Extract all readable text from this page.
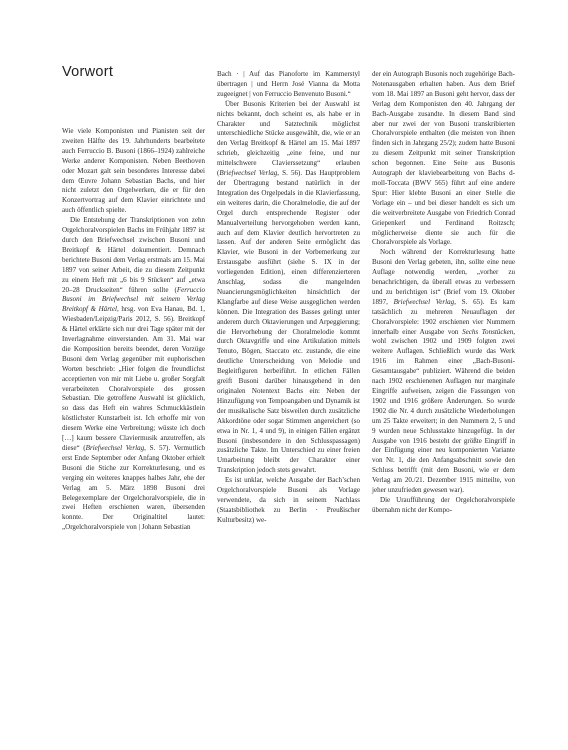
Vorwort

Wie viele Komponisten und Pianisten seit der zweiten Hälfte des 19. Jahrhunderts bearbeitete auch Ferruccio B. Busoni (1866–1924) zahlreiche Werke anderer Komponisten. Neben Beethoven oder Mozart galt sein besonderes Interesse dabei dem Œuvre Johann Sebastian Bachs, und hier nicht zuletzt den Orgelwerken, die er für den Konzertvortrag auf dem Klavier einrichtete und auch öffentlich spielte.

Die Entstehung der Transkriptionen von zehn Orgelchoralvorspielen Bachs im Frühjahr 1897 ist durch den Briefwechsel zwischen Busoni und Breitkopf & Härtel dokumentiert. Demnach berichtete Busoni dem Verlag erstmals am 15. Mai 1897 von seiner Arbeit, die zu diesem Zeitpunkt zu einem Heft mit „6 bis 9 Stücken“ auf „etwa 20–28 Druckseiten“ führen sollte (Ferruccio Busoni im Briefwechsel mit seinem Verlag Breitkopf & Härtel, hrsg. von Eva Hanau, Bd. 1, Wiesbaden/Leipzig/Paris 2012, S. 56). Breitkopf & Härtel erklärte sich nur drei Tage später mit der Inverlagnahme einverstanden. Am 31. Mai war die Komposition bereits beendet, deren Vorzüge Busoni dem Verlag gegenüber mit euphorischen Worten beschrieb: „Hier folgen die freundlichst acceptierten von mir mit Liebe u. großer Sorgfalt verarbeiteten Choralvorspiele des grossen Sebastian. Die getroffene Auswahl ist glücklich, so dass das Heft ein wahres Schmuckkästlein köstlichster Kunstarbeit ist. Ich erhoffe mir von diesem Werke eine Verbreitung; wüsste ich doch […] kaum bessere Claviermusik anzutreffen, als diese“ (Briefwechsel Verlag, S. 57). Vermutlich erst Ende September oder Anfang Oktober erhielt Busoni die Stiche zur Korrekturlesung, und es verging ein weiteres knappes halbes Jahr, ehe der Verlag am 5. März 1898 Busoni drei Belegexemplare der Orgelchoralvorspiele, die in zwei Heften erschienen waren, übersenden konnte. Der Originaltitel lautet: „Orgelchoralvorspiele von | Johann Sebastian

Bach · | Auf das Pianoforte im Kammerstyl übertragen | und Herrn José Vianna da Motta zugeeignet | von Ferruccio Benvenuto Busoni.“

Über Busonis Kriterien bei der Auswahl ist nichts bekannt, doch scheint es, als habe er in Charakter und Satztechnik möglichst unterschiedliche Stücke ausgewählt, die, wie er an den Verlag Breitkopf & Härtel am 15. Mai 1897 schrieb, gleichzeitig „eine feine, und nur mittelschwere Clavierssetzung“ erlauben (Briefwechsel Verlag, S. 56). Das Hauptproblem der Übertragung bestand natürlich in der Integration des Orgelpedals in die Klavierfassung, ein weiteres darin, die Choralmelodie, die auf der Orgel durch entsprechende Register oder Manualverteilung hervorgehoben werden kann, auch auf dem Klavier deutlich hervortreten zu lassen. Auf der anderen Seite ermöglicht das Klavier, wie Busoni in der Vorbemerkung zur Erstausgabe ausführt (siehe S. IX in der vorliegenden Edition), einen differenzierteren Anschlag, sodass die mangelnden Nuancierungsmöglichkeiten hinsichtlich der Klangfarbe auf diese Weise ausgeglichen werden können. Die Integration des Basses gelingt unter anderem durch Oktavierungen und Arpeggierung; die Hervorhebung der Choralmelodie kommt durch Oktavgriffe und eine Artikulation mittels Tenuto, Bögen, Staccato etc. zustande, die eine deutliche Unterscheidung von Melodie und Begleitfiguren herbeiführt. In etlichen Fällen greift Busoni darüber hinausgehend in den originalen Notentext Bachs ein: Neben der Hinzufügung von Tempoangaben und Dynamik ist der musikalische Satz bisweilen durch zusätzliche Akkordtöne oder sogar Stimmen angereichert (so etwa in Nr. 1, 4 und 9), in einigen Fällen ergänzt Busoni (insbesondere in den Schlusspassagen) zusätzliche Takte. Im Unterschied zu einer freien Umarbeitung bleibt der Charakter einer Transkription jedoch stets gewahrt.

Es ist unklar, welche Ausgabe der Bach’schen Orgelchoralvorspiele Busoni als Vorlage verwendete, da sich in seinem Nachlass (Staatsbibliothek zu Berlin · Preußischer Kulturbesitz) we-

der ein Autograph Busonis noch zugehörige Bach-Notenausgaben erhalten haben. Aus dem Brief vom 18. Mai 1897 an Busoni geht hervor, dass der Verlag dem Komponisten den 40. Jahrgang der Bach-Ausgabe zusandte. In diesem Band sind aber nur zwei der von Busoni transkribierten Choralvorspiele enthalten (die meisten von ihnen finden sich in Jahrgang 25/2); zudem hatte Busoni zu diesem Zeitpunkt mit seiner Transkription schon begonnen. Eine Seite aus Busonis Autograph der klaviebearbeitung von Bachs d-moll-Toccata (BWV 565) führt auf eine andere Spur: Hier klebte Busoni an einer Stelle die Vorlage ein – und bei dieser handelt es sich um die weitverbreitete Ausgabe von Friedrich Conrad Griepenkerl und Ferdinand Roitzsch; möglicherweise diente sie auch für die Choralvorspiele als Vorlage.

Noch während der Korrekturlesung hatte Busoni den Verlag gebeten, ihn, sollte eine neue Auflage notwendig werden, „vorher zu benachrichtigen, da überall etwas zu verbessern und zu berichtigen ist“ (Brief vom 19. Oktober 1897, Briefwechsel Verlag, S. 65). Es kam tatsächlich zu mehreren Neuauflagen der Choralvorspiele: 1902 erschienen vier Nummern innerhalb einer Ausgabe von Sechs Tonstücken, wohl zwischen 1902 und 1909 folgten zwei weitere Auflagen. Schließlich wurde das Werk 1916 im Rahmen einer „Bach-Busoni-Gesamtausgabe“ publiziert. Während die beiden nach 1902 erschienenen Auflagen nur marginale Eingriffe aufweisen, zeigen die Fassungen von 1902 und 1916 größere Änderungen. So wurde 1902 die Nr. 4 durch zusätzliche Wiederholungen um 25 Takte erweitert; in den Nummern 2, 5 und 9 wurden neue Schlusstakte hinzugefügt. In der Ausgabe von 1916 besteht der größte Eingriff in der Einfügung einer neu komponierten Variante von Nr. 1, die den Anfangsabschnitt sowie den Schluss betrifft (mit dem Busoni, wie er dem Verlag am 20./21. Dezember 1915 mitteilte, von jeher unzufrieden gewesen war).

Die Uraufführung der Orgelchoralvorspiele übernahm nicht der Kompo-
